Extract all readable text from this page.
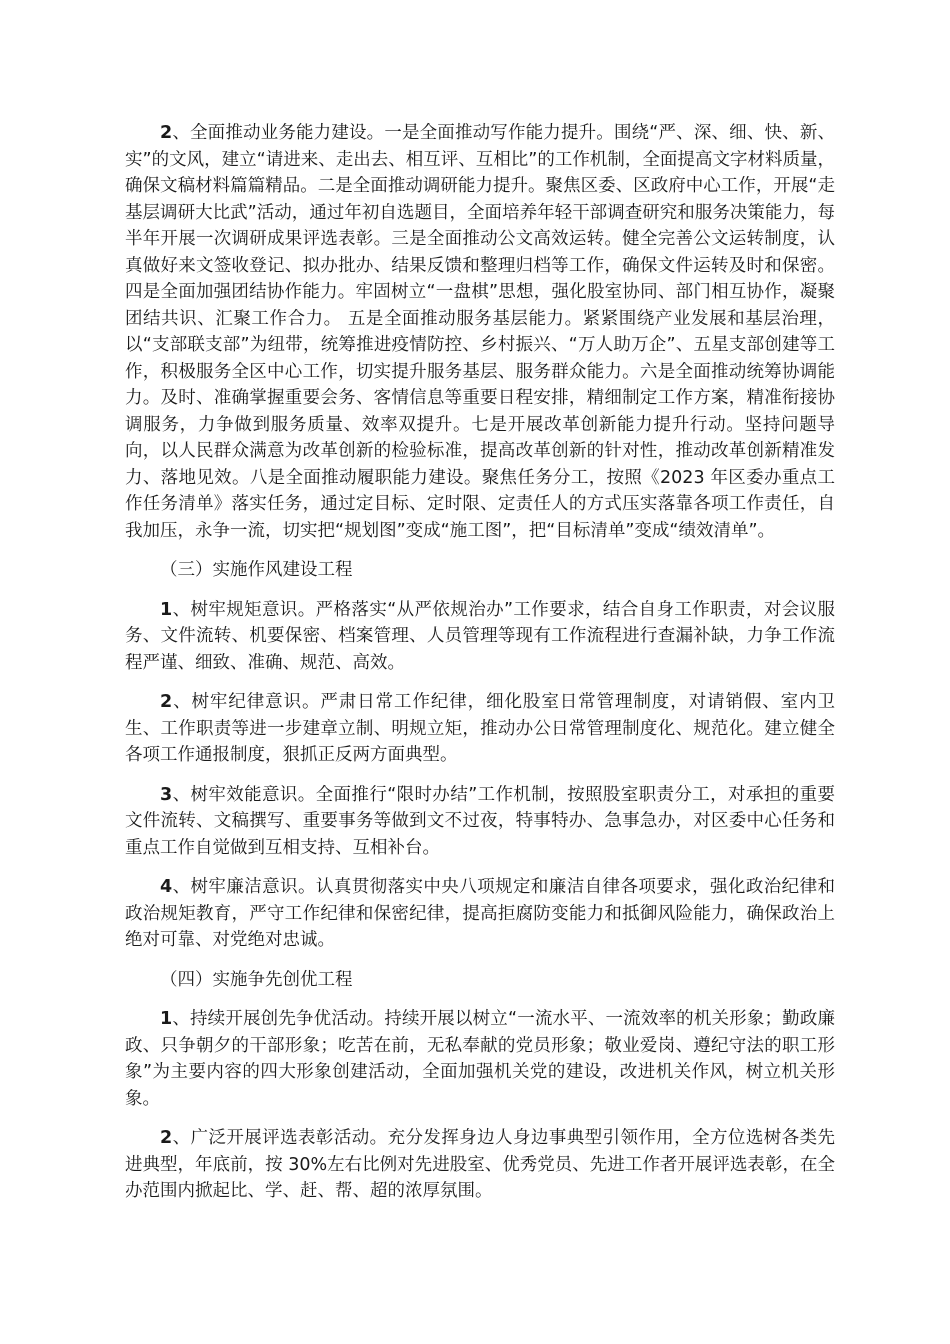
2、全面推动业务能力建设。一是全面推动写作能力提升。围绕“严、深、细、快、新、实”的文风，建立“请进来、走出去、相互评、互相比”的工作机制，全面提高文字材料质量，确保文稿材料篇篇精品。二是全面推动调研能力提升。聚焦区委、区政府中心工作，开展“走基层调研大比武”活动，通过年初自选题目，全面培养年轻干部调查研究和服务决策能力，每半年开展一次调研成果评选表彰。三是全面推动公文高效运转。健全完善公文运转制度，认真做好来文签收登记、拟办批办、结果反馈和整理归档等工作，确保文件运转及时和保密。四是全面加强团结协作能力。牢固树立“一盘棋”思想，强化股室协同、部门相互协作，凝聚团结共识、汇聚工作合力。 五是全面推动服务基层能力。紧紧围绕产业发展和基层治理，以“支部联支部”为纽带，统筹推进疫情防控、乡村振兴、“万人助万企”、五星支部创建等工作，积极服务全区中心工作，切实提升服务基层、服务群众能力。六是全面推动统筹协调能力。及时、准确掌握重要会务、客情信息等重要日程安排，精细制定工作方案，精准衔接协调服务，力争做到服务质量、效率双提升。七是开展改革创新能力提升行动。坚持问题导向，以人民群众满意为改革创新的检验标准，提高改革创新的针对性，推动改革创新精准发力、落地见效。八是全面推动履职能力建设。聚焦任务分工，按照《2023 年区委办重点工作任务清单》落实任务，通过定目标、定时限、定责任人的方式压实落靠各项工作责任，自我加压，永争一流，切实把“规划图”变成“施工图”，把“目标清单”变成“绩效清单”。

（三）实施作风建设工程

1、树牢规矩意识。严格落实“从严依规治办”工作要求，结合自身工作职责，对会议服务、文件流转、机要保密、档案管理、人员管理等现有工作流程进行查漏补缺，力争工作流程严谨、细致、准确、规范、高效。

2、树牢纪律意识。严肃日常工作纪律，细化股室日常管理制度，对请销假、室内卫生、工作职责等进一步建章立制、明规立矩，推动办公日常管理制度化、规范化。建立健全各项工作通报制度，狠抓正反两方面典型。

3、树牢效能意识。全面推行“限时办结”工作机制，按照股室职责分工，对承担的重要文件流转、文稿撰写、重要事务等做到文不过夜，特事特办、急事急办，对区委中心任务和重点工作自觉做到互相支持、互相补台。

4、树牢廉洁意识。认真贯彻落实中央八项规定和廉洁自律各项要求，强化政治纪律和政治规矩教育，严守工作纪律和保密纪律，提高拒腐防变能力和抵御风险能力，确保政治上绝对可靠、对党绝对忠诚。

（四）实施争先创优工程

1、持续开展创先争优活动。持续开展以树立“一流水平、一流效率的机关形象；勤政廉政、只争朝夕的干部形象；吃苦在前，无私奉献的党员形象；敬业爱岗、遵纪守法的职工形象”为主要内容的四大形象创建活动，全面加强机关党的建设，改进机关作风，树立机关形象。

2、广泛开展评选表彰活动。充分发挥身边人身边事典型引领作用，全方位选树各类先进典型，年底前，按 30%左右比例对先进股室、优秀党员、先进工作者开展评选表彰，在全办范围内掀起比、学、赶、帮、超的浓厚氛围。
